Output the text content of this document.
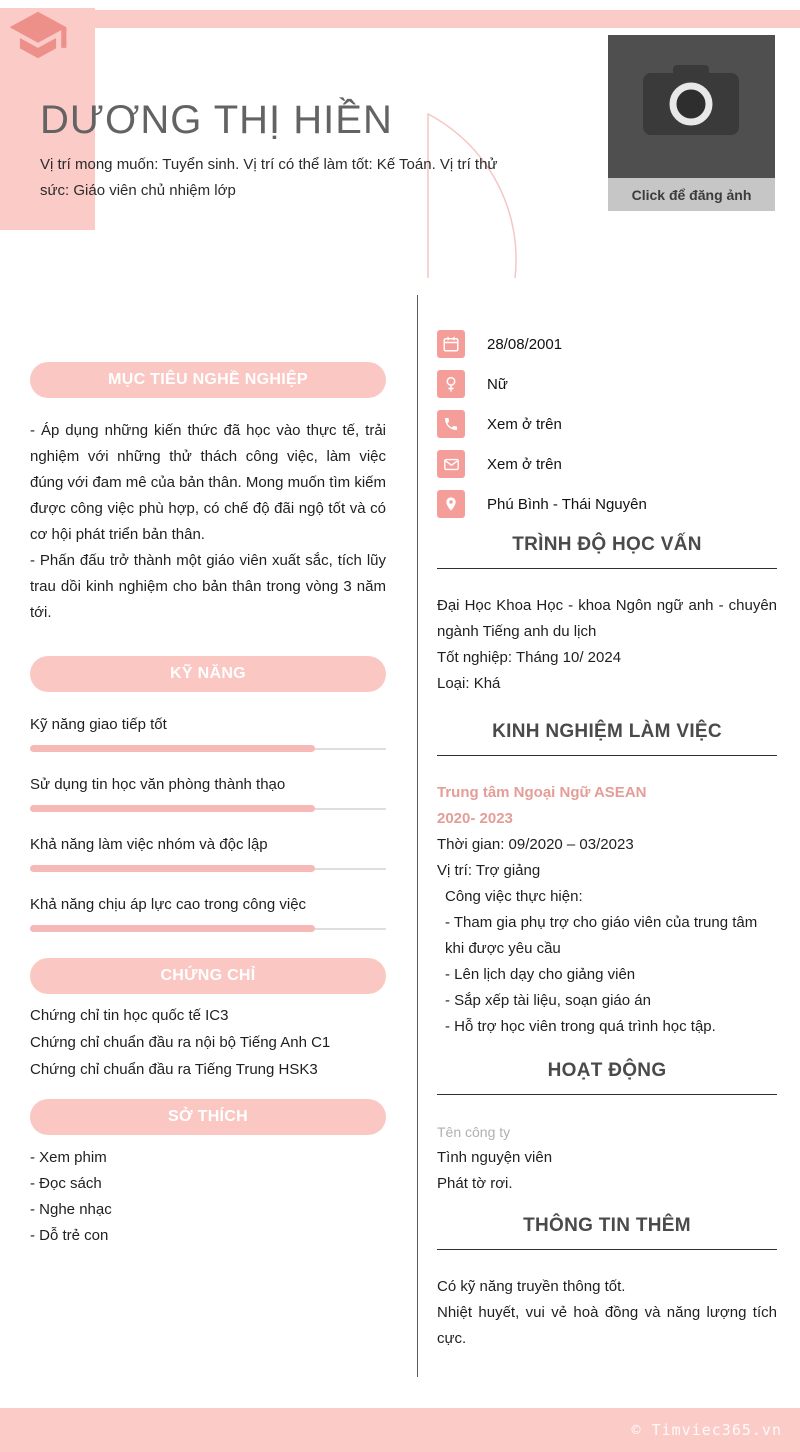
DƯƠNG THỊ HIỀN
Vị trí mong muốn: Tuyển sinh. Vị trí có thể làm tốt: Kế Toán. Vị trí thử sức: Giáo viên chủ nhiệm lớp	Click để đăng ảnh
MỤC TIÊU NGHỀ NGHIỆP

- Áp dụng những kiến thức đã học vào thực tế, trải nghiệm với những thử thách công việc, làm việc đúng với đam mê của bản thân. Mong muốn tìm kiếm được công việc phù hợp, có chế độ đãi ngộ tốt và có cơ hội phát triển bản thân.

- Phấn đấu trở thành một giáo viên xuất sắc, tích lũy trau dồi kinh nghiệm cho bản thân trong vòng 3 năm tới.

KỸ NĂNG
Kỹ năng giao tiếp tốt
Sử dụng tin học văn phòng thành thạo
Khả năng làm việc nhóm và độc lập
Khả năng chịu áp lực cao trong công việc
CHỨNG CHỈ
Chứng chỉ tin học quốc tế IC3
Chứng chỉ chuẩn đầu ra nội bộ Tiếng Anh C1
Chứng chỉ chuẩn đầu ra Tiếng Trung HSK3
SỞ THÍCH
- Xem phim
- Đọc sách
- Nghe nhạc
- Dỗ trẻ con
28/08/2001
Nữ
Xem ở trên
Xem ở trên
Phú Bình - Thái Nguyên
TRÌNH ĐỘ HỌC VẤN
Đại Học Khoa Học - khoa Ngôn ngữ anh - chuyên ngành Tiếng anh du lịch
Tốt nghiệp: Tháng 10/ 2024
Loại: Khá
KINH NGHIỆM LÀM VIỆC
Trung tâm Ngoại Ngữ ASEAN
2020- 2023
Thời gian: 09/2020 – 03/2023
Vị trí: Trợ giảng
Công việc thực hiện:
- Tham gia phụ trợ cho giáo viên của trung tâm khi được yêu cầu
- Lên lịch dạy cho giảng viên
- Sắp xếp tài liệu, soạn giáo án
- Hỗ trợ học viên trong quá trình học tập.
HOẠT ĐỘNG
Tên công ty
Tình nguyện viên
Phát tờ rơi.
THÔNG TIN THÊM
Có kỹ năng truyền thông tốt.
Nhiệt huyết, vui vẻ hoà đồng và năng lượng tích cực.
© Timviec365.vn
